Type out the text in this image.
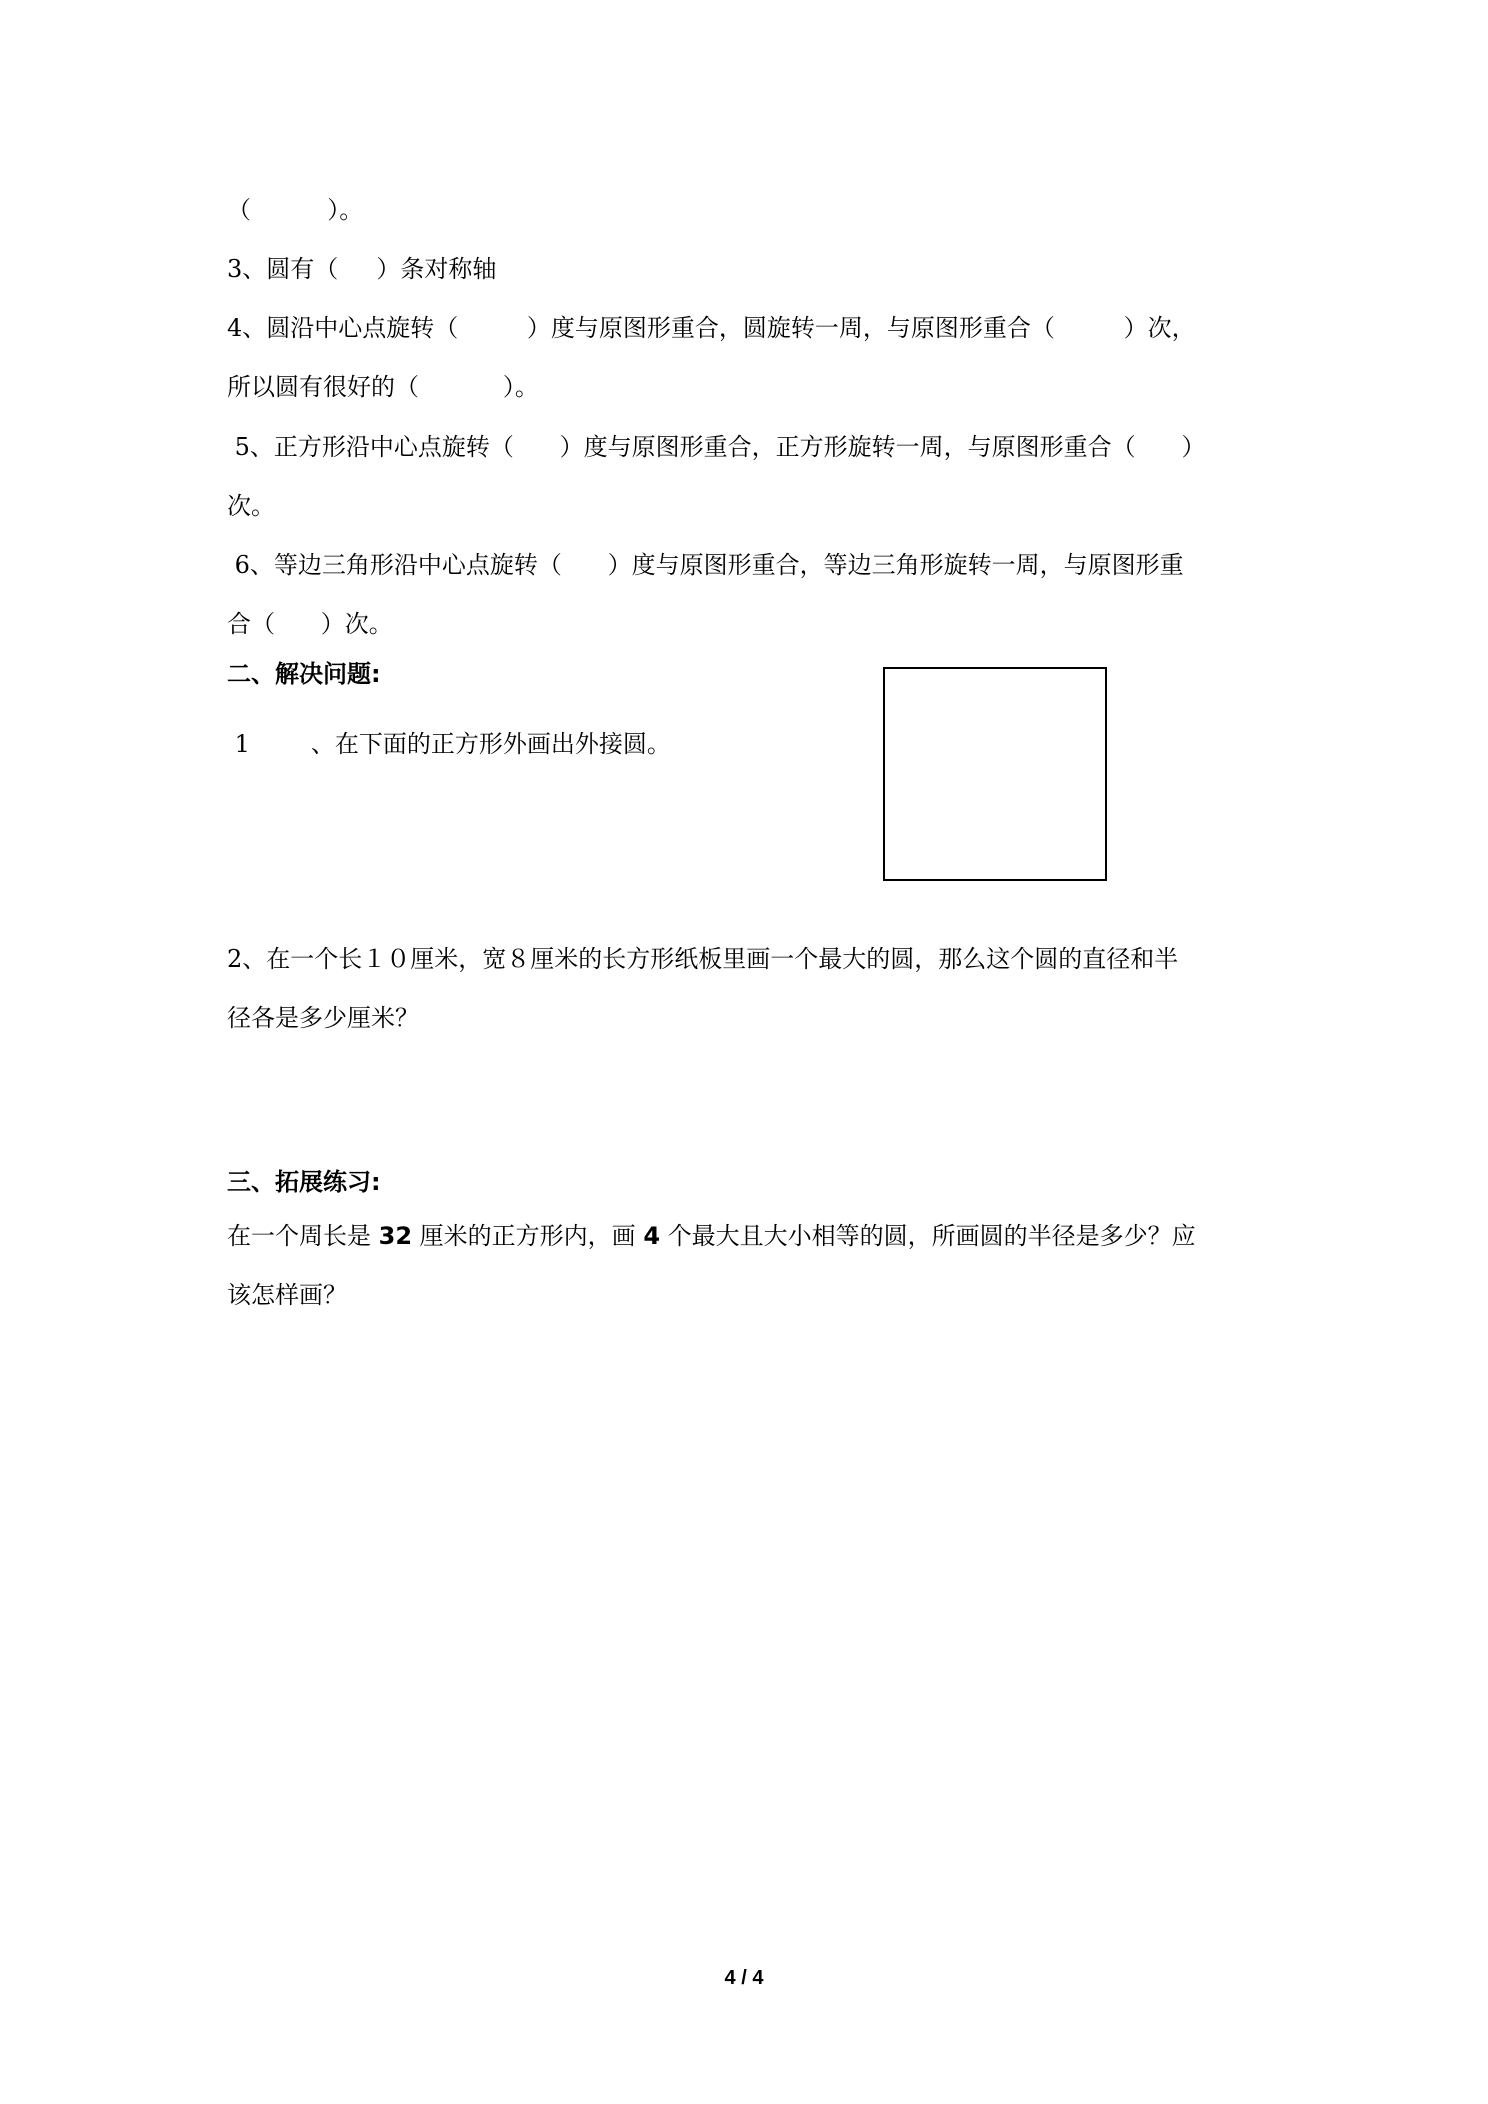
（          ）。
3、圆有（     ）条对称轴
4、圆沿中心点旋转（         ）度与原图形重合，圆旋转一周，与原图形重合（         ）次，
所以圆有很好的（           ）。
5、正方形沿中心点旋转（      ）度与原图形重合，正方形旋转一周，与原图形重合（      ）
次。
6、等边三角形沿中心点旋转（      ）度与原图形重合，等边三角形旋转一周，与原图形重
合（      ）次。
二、解决问题:
1        、在下面的正方形外画出外接圆。
2、在一个长１０厘米，宽８厘米的长方形纸板里画一个最大的圆，那么这个圆的直径和半
径各是多少厘米？
三、拓展练习:
在一个周长是 32 厘米的正方形内，画 4 个最大且大小相等的圆，所画圆的半径是多少？应
该怎样画？
4 / 4
